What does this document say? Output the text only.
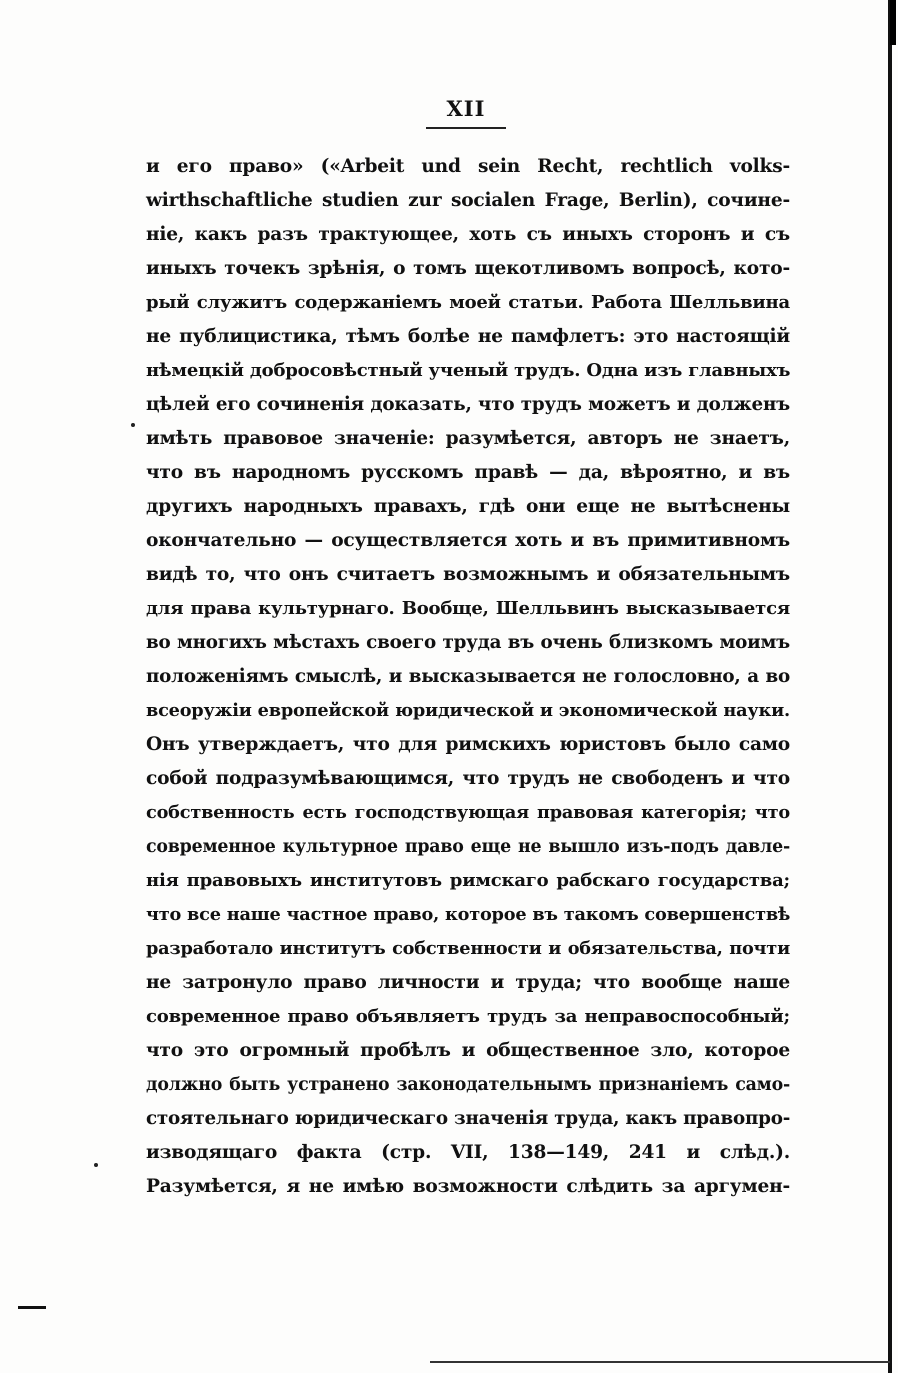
XII
и его право» («Arbeit und sein Recht, rechtlich volks-
wirthschaftliche studien zur socialen Frage, Berlin), сочине-
ніе, какъ разъ трактующее, хоть съ иныхъ сторонъ и съ
иныхъ точекъ зрѣнія, о томъ щекотливомъ вопросѣ, кото-
рый служитъ содержаніемъ моей статьи. Работа Шелльвина
не публицистика, тѣмъ болѣе не памфлетъ: это настоящій
нѣмецкій добросовѣстный ученый трудъ. Одна изъ главныхъ
цѣлей его сочиненія доказать, что трудъ можетъ и долженъ
имѣть правовое значеніе: разумѣется, авторъ не знаетъ,
что въ народномъ русскомъ правѣ — да, вѣроятно, и въ
другихъ народныхъ правахъ, гдѣ они еще не вытѣснены
окончательно — осуществляется хоть и въ примитивномъ
видѣ то, что онъ считаетъ возможнымъ и обязательнымъ
для права культурнаго. Вообще, Шелльвинъ высказывается
во многихъ мѣстахъ своего труда въ очень близкомъ моимъ
положеніямъ смыслѣ, и высказывается не голословно, а во
всеоружіи европейской юридической и экономической науки.
Онъ утверждаетъ, что для римскихъ юристовъ было само
собой подразумѣвающимся, что трудъ не свободенъ и что
собственность есть господствующая правовая категорія; что
современное культурное право еще не вышло изъ-подъ давле-
нія правовыхъ институтовъ римскаго рабскаго государства;
что все наше частное право, которое въ такомъ совершенствѣ
разработало институтъ собственности и обязательства, почти
не затронуло право личности и труда; что вообще наше
современное право объявляетъ трудъ за неправоспособный;
что это огромный пробѣлъ и общественное зло, которое
должно быть устранено законодательнымъ признаніемъ само-
стоятельнаго юридическаго значенія труда, какъ правопро-
изводящаго факта (стр. VII, 138—149, 241 и слѣд.).
Разумѣется, я не имѣю возможности слѣдить за аргумен-
